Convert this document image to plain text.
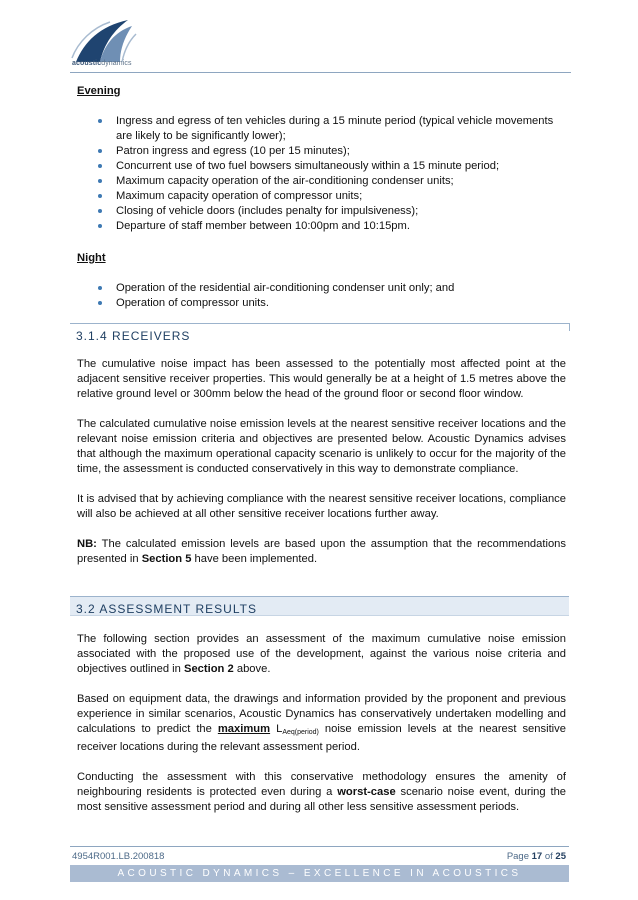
acousticdynamics

Evening

Ingress and egress of ten vehicles during a 15 minute period (typical vehicle movements are likely to be significantly lower);
Patron ingress and egress (10 per 15 minutes);
Concurrent use of two fuel bowsers simultaneously within a 15 minute period;
Maximum capacity operation of the air-conditioning condenser units;
Maximum capacity operation of compressor units;
Closing of vehicle doors (includes penalty for impulsiveness);
Departure of staff member between 10:00pm and 10:15pm.

Night

Operation of the residential air-conditioning condenser unit only; and
Operation of compressor units.
3.1.4 RECEIVERS

The cumulative noise impact has been assessed to the potentially most affected point at the adjacent sensitive receiver properties. This would generally be at a height of 1.5 metres above the relative ground level or 300mm below the head of the ground floor or second floor window.

The calculated cumulative noise emission levels at the nearest sensitive receiver locations and the relevant noise emission criteria and objectives are presented below. Acoustic Dynamics advises that although the maximum operational capacity scenario is unlikely to occur for the majority of the time, the assessment is conducted conservatively in this way to demonstrate compliance.

It is advised that by achieving compliance with the nearest sensitive receiver locations, compliance will also be achieved at all other sensitive receiver locations further away.

NB: The calculated emission levels are based upon the assumption that the recommendations presented in Section 5 have been implemented.

3.2 ASSESSMENT RESULTS

The following section provides an assessment of the maximum cumulative noise emission associated with the proposed use of the development, against the various noise criteria and objectives outlined in Section 2 above.

Based on equipment data, the drawings and information provided by the proponent and previous experience in similar scenarios, Acoustic Dynamics has conservatively undertaken modelling and calculations to predict the maximum $L_{Aeq(period)}$ noise emission levels at the nearest sensitive receiver locations during the relevant assessment period.

Conducting the assessment with this conservative methodology ensures the amenity of neighbouring residents is protected even during a worst-case scenario noise event, during the most sensitive assessment period and during all other less sensitive assessment periods.

4954R001.LB.200818	Page 17 of 25
ACOUSTIC DYNAMICS – EXCELLENCE IN ACOUSTICS
